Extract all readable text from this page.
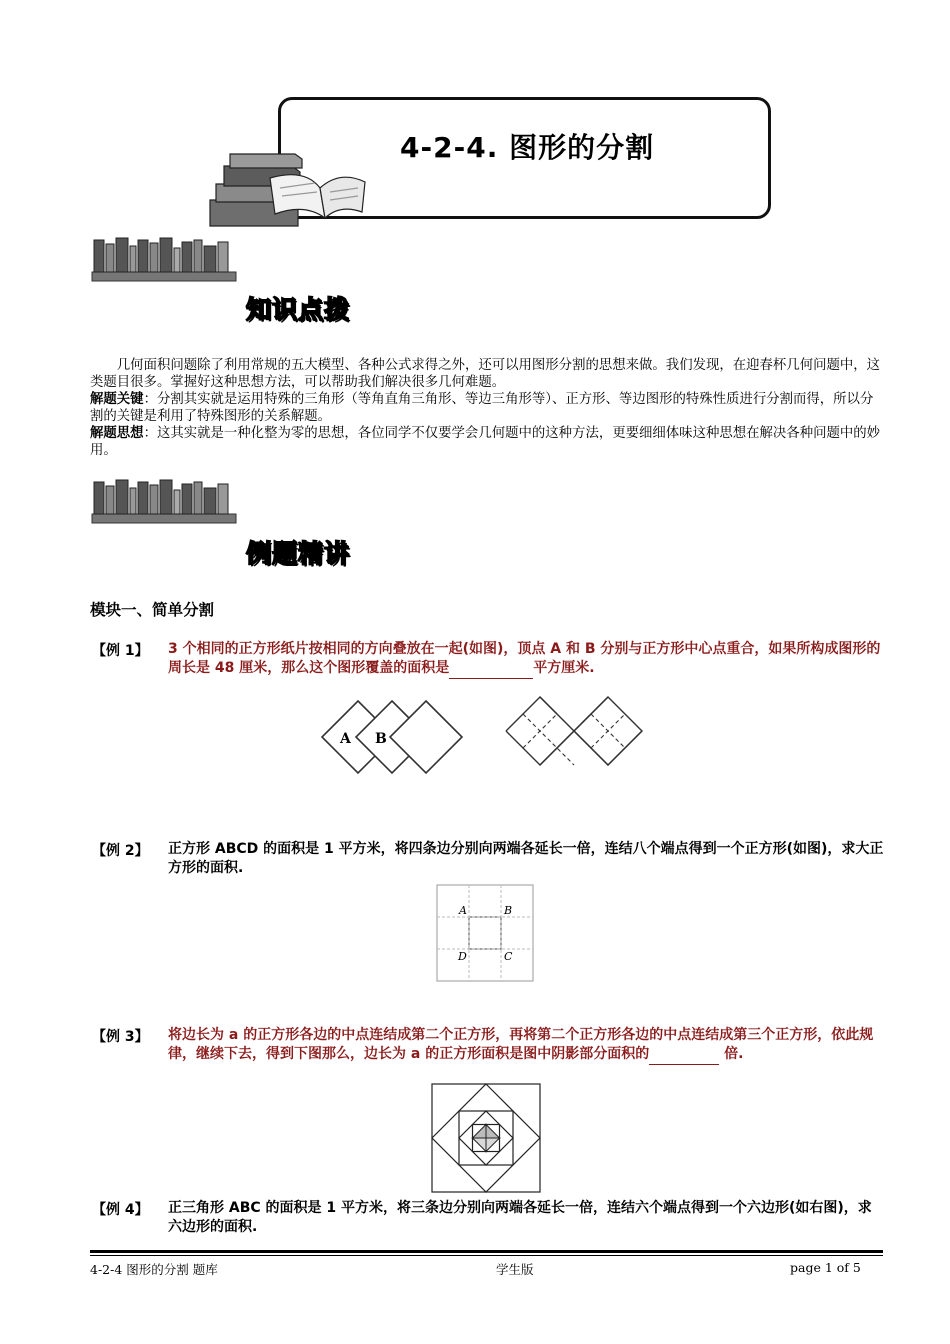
4-2-4. 图形的分割
知识点拨

几何面积问题除了利用常规的五大模型、各种公式求得之外，还可以用图形分割的思想来做。我们发现，在迎春杯几何问题中，这类题目很多。掌握好这种思想方法，可以帮助我们解决很多几何难题。

解题关键：分割其实就是运用特殊的三角形（等角直角三角形、等边三角形等）、正方形、等边图形的特殊性质进行分割而得，所以分割的关键是利用了特殊图形的关系解题。

解题思想：这其实就是一种化整为零的思想，各位同学不仅要学会几何题中的这种方法，更要细细体味这种思想在解决各种问题中的妙用。

例题精讲
模块一、简单分割
【例 1】 3 个相同的正方形纸片按相同的方向叠放在一起(如图)，顶点 A 和 B 分别与正方形中心点重合，如果所构成图形的周长是 48 厘米，那么这个图形覆盖的面积是	平方厘米.
A B
【例 2】 正方形 ABCD 的面积是 1 平方米，将四条边分别向两端各延长一倍，连结八个端点得到一个正方形(如图)，求大正方形的面积.
A	B
D	C
【例 3】 将边长为 a 的正方形各边的中点连结成第二个正方形，再将第二个正方形各边的中点连结成第三个正方形，依此规律，继续下去，得到下图那么，边长为 a 的正方形面积是图中阴影部分面积的	倍.
【例 4】 正三角形 ABC 的面积是 1 平方米，将三条边分别向两端各延长一倍，连结六个端点得到一个六边形(如右图)，求六边形的面积.
4-2-4 图形的分割 题库	学生版	page 1 of 5
